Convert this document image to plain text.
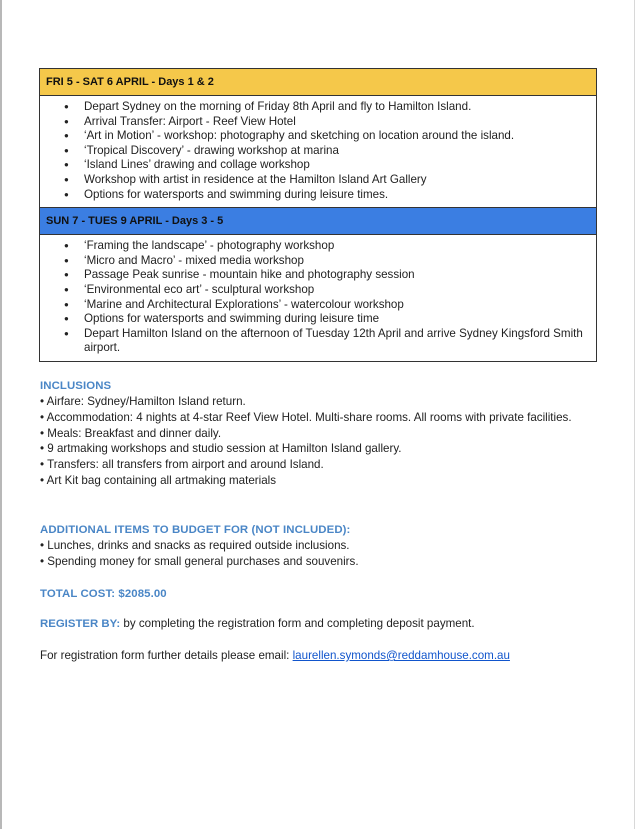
FRI 5 - SAT 6 APRIL - Days 1 & 2
● Depart Sydney on the morning of Friday 8th April and fly to Hamilton Island.
● Arrival Transfer: Airport - Reef View Hotel
● ‘Art in Motion’ - workshop: photography and sketching on location around the island.
● ‘Tropical Discovery’ - drawing workshop at marina
● ‘Island Lines’ drawing and collage workshop
● Workshop with artist in residence at the Hamilton Island Art Gallery
● Options for watersports and swimming during leisure times.
SUN 7 - TUES 9 APRIL - Days 3 - 5
● ‘Framing the landscape’ - photography workshop
● ‘Micro and Macro’ - mixed media workshop
● Passage Peak sunrise - mountain hike and photography session
● ‘Environmental eco art’ - sculptural workshop
● ‘Marine and Architectural Explorations’ - watercolour workshop
● Options for watersports and swimming during leisure time
● Depart Hamilton Island on the afternoon of Tuesday 12th April and arrive Sydney Kingsford Smith airport.
INCLUSIONS
• Airfare: Sydney/Hamilton Island return.
• Accommodation: 4 nights at 4-star Reef View Hotel. Multi-share rooms. All rooms with private facilities.
• Meals: Breakfast and dinner daily.
• 9 artmaking workshops and studio session at Hamilton Island gallery.
• Transfers: all transfers from airport and around Island.
• Art Kit bag containing all artmaking materials
ADDITIONAL ITEMS TO BUDGET FOR (NOT INCLUDED):
• Lunches, drinks and snacks as required outside inclusions.
• Spending money for small general purchases and souvenirs.
TOTAL COST: $2085.00
REGISTER BY: by completing the registration form and completing deposit payment.
For registration form further details please email: laurellen.symonds@reddamhouse.com.au
